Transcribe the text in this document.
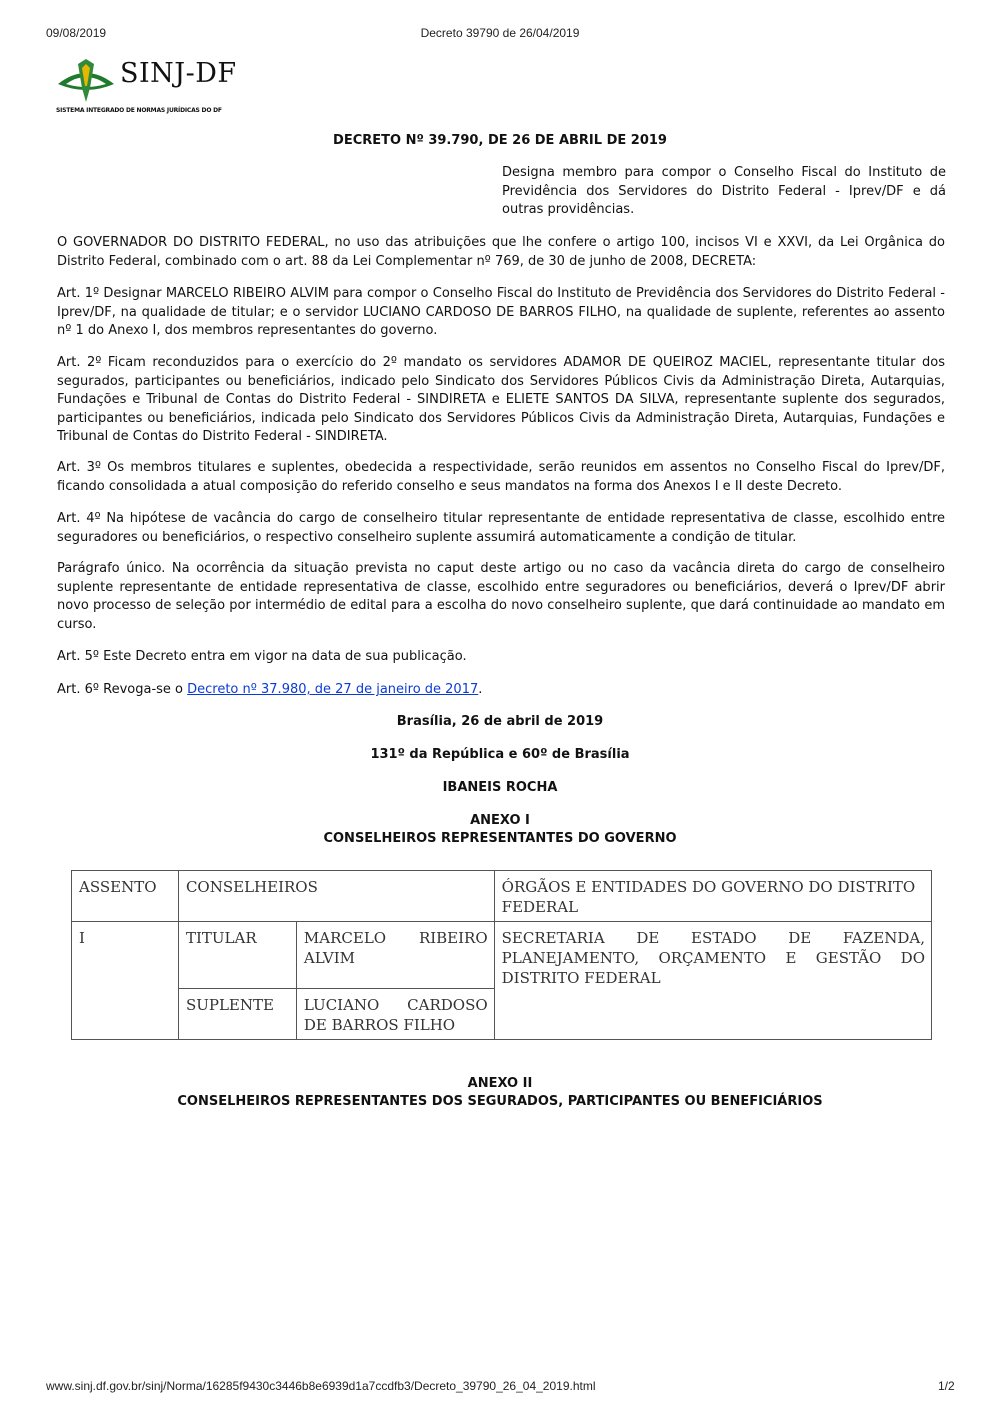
09/08/2019	Decreto 39790 de 26/04/2019
SINJ-DF
SISTEMA INTEGRADO DE NORMAS JURÍDICAS DO DF
DECRETO Nº 39.790, DE 26 DE ABRIL DE 2019
Designa membro para compor o Conselho Fiscal do Instituto de Previdência dos Servidores do Distrito Federal - Iprev/DF e dá outras providências.
O GOVERNADOR DO DISTRITO FEDERAL, no uso das atribuições que lhe confere o artigo 100, incisos VI e XXVI, da Lei Orgânica do Distrito Federal, combinado com o art. 88 da Lei Complementar nº 769, de 30 de junho de 2008, DECRETA:
Art. 1º Designar MARCELO RIBEIRO ALVIM para compor o Conselho Fiscal do Instituto de Previdência dos Servidores do Distrito Federal - Iprev/DF, na qualidade de titular; e o servidor LUCIANO CARDOSO DE BARROS FILHO, na qualidade de suplente, referentes ao assento nº 1 do Anexo I, dos membros representantes do governo.
Art. 2º Ficam reconduzidos para o exercício do 2º mandato os servidores ADAMOR DE QUEIROZ MACIEL, representante titular dos segurados, participantes ou beneficiários, indicado pelo Sindicato dos Servidores Públicos Civis da Administração Direta, Autarquias, Fundações e Tribunal de Contas do Distrito Federal - SINDIRETA e ELIETE SANTOS DA SILVA, representante suplente dos segurados, participantes ou beneficiários, indicada pelo Sindicato dos Servidores Públicos Civis da Administração Direta, Autarquias, Fundações e Tribunal de Contas do Distrito Federal - SINDIRETA.
Art. 3º Os membros titulares e suplentes, obedecida a respectividade, serão reunidos em assentos no Conselho Fiscal do Iprev/DF, ficando consolidada a atual composição do referido conselho e seus mandatos na forma dos Anexos I e II deste Decreto.
Art. 4º Na hipótese de vacância do cargo de conselheiro titular representante de entidade representativa de classe, escolhido entre seguradores ou beneficiários, o respectivo conselheiro suplente assumirá automaticamente a condição de titular.
Parágrafo único. Na ocorrência da situação prevista no caput deste artigo ou no caso da vacância direta do cargo de conselheiro suplente representante de entidade representativa de classe, escolhido entre seguradores ou beneficiários, deverá o Iprev/DF abrir novo processo de seleção por intermédio de edital para a escolha do novo conselheiro suplente, que dará continuidade ao mandato em curso.
Art. 5º Este Decreto entra em vigor na data de sua publicação.
Art. 6º Revoga-se o Decreto nº 37.980, de 27 de janeiro de 2017.
Brasília, 26 de abril de 2019
131º da República e 60º de Brasília
IBANEIS ROCHA
ANEXO I
CONSELHEIROS REPRESENTANTES DO GOVERNO
ASSENTO	CONSELHEIROS		ÓRGÃOS E ENTIDADES DO GOVERNO DO DISTRITO FEDERAL
I	TITULAR	MARCELO RIBEIRO ALVIM	SECRETARIA DE ESTADO DE FAZENDA, PLANEJAMENTO, ORÇAMENTO E GESTÃO DO DISTRITO FEDERAL
	SUPLENTE	LUCIANO CARDOSO DE BARROS FILHO	
ANEXO II
CONSELHEIROS REPRESENTANTES DOS SEGURADOS, PARTICIPANTES OU BENEFICIÁRIOS
www.sinj.df.gov.br/sinj/Norma/16285f9430c3446b8e6939d1a7ccdfb3/Decreto_39790_26_04_2019.html	1/2
